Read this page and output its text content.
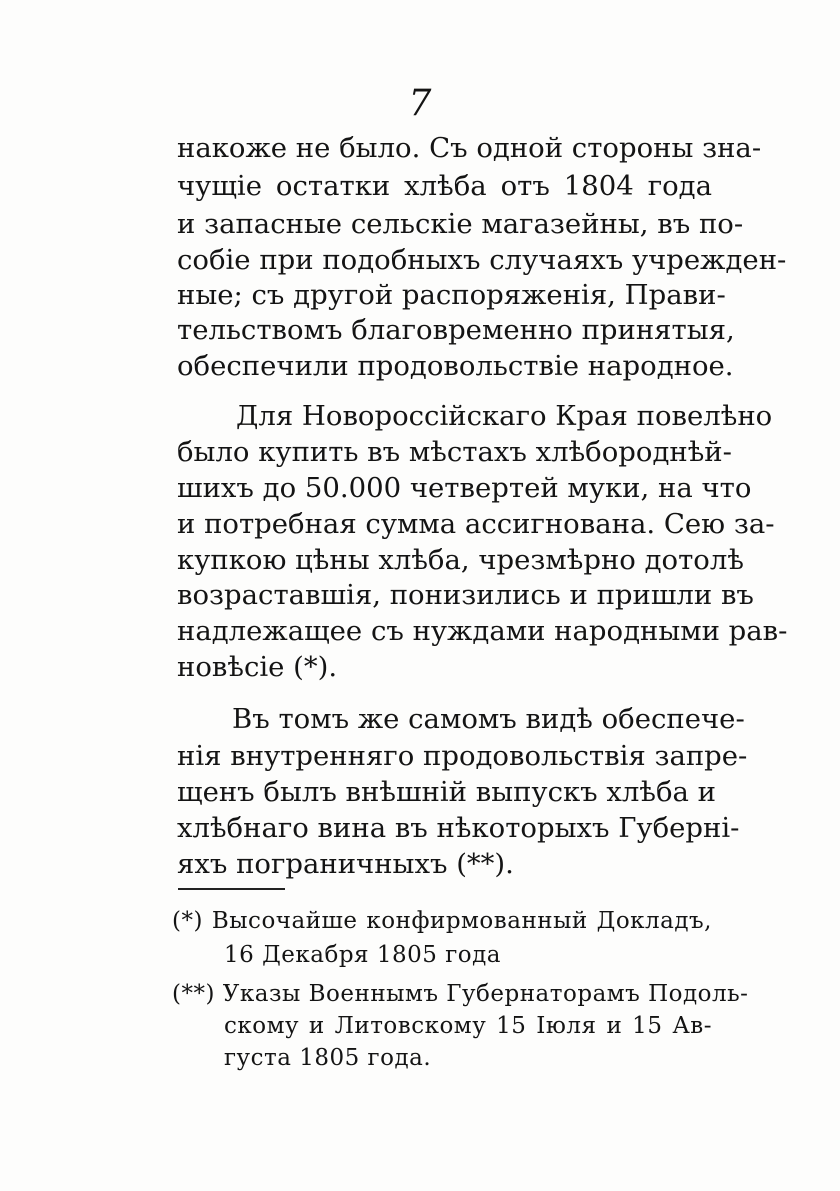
7
накоже не было. Съ одной стороны зна-
чущіе остатки хлѣба отъ 1804 года
и запасные сельскіе магазейны, въ по-
собіе при подобныхъ случаяхъ учрежден-
ные; съ другой распоряженія, Прави-
тельствомъ благовременно принятыя,
обеспечили продовольствіе народное.
Для Новороссійскаго Края повелѣно
было купить въ мѣстахъ хлѣбороднѣй-
шихъ до 50.000 четвертей муки, на что
и потребная сумма ассигнована. Сею за-
купкою цѣны хлѣба, чрезмѣрно дотолѣ
возраставшія, понизились и пришли въ
надлежащее съ нуждами народными рав-
новѣсіе (*).
Въ томъ же самомъ видѣ обеспече-
нія внутренняго продовольствія запре-
щенъ былъ внѣшній выпускъ хлѣба и
хлѣбнаго вина въ нѣкоторыхъ Губерні-
яхъ пограничныхъ (**).
(*) Высочайше конфирмованный Докладъ,
16 Декабря 1805 года
(**) Указы Военнымъ Губернаторамъ Подоль-
скому и Литовскому 15 Іюля и 15 Ав-
густа 1805 года.
